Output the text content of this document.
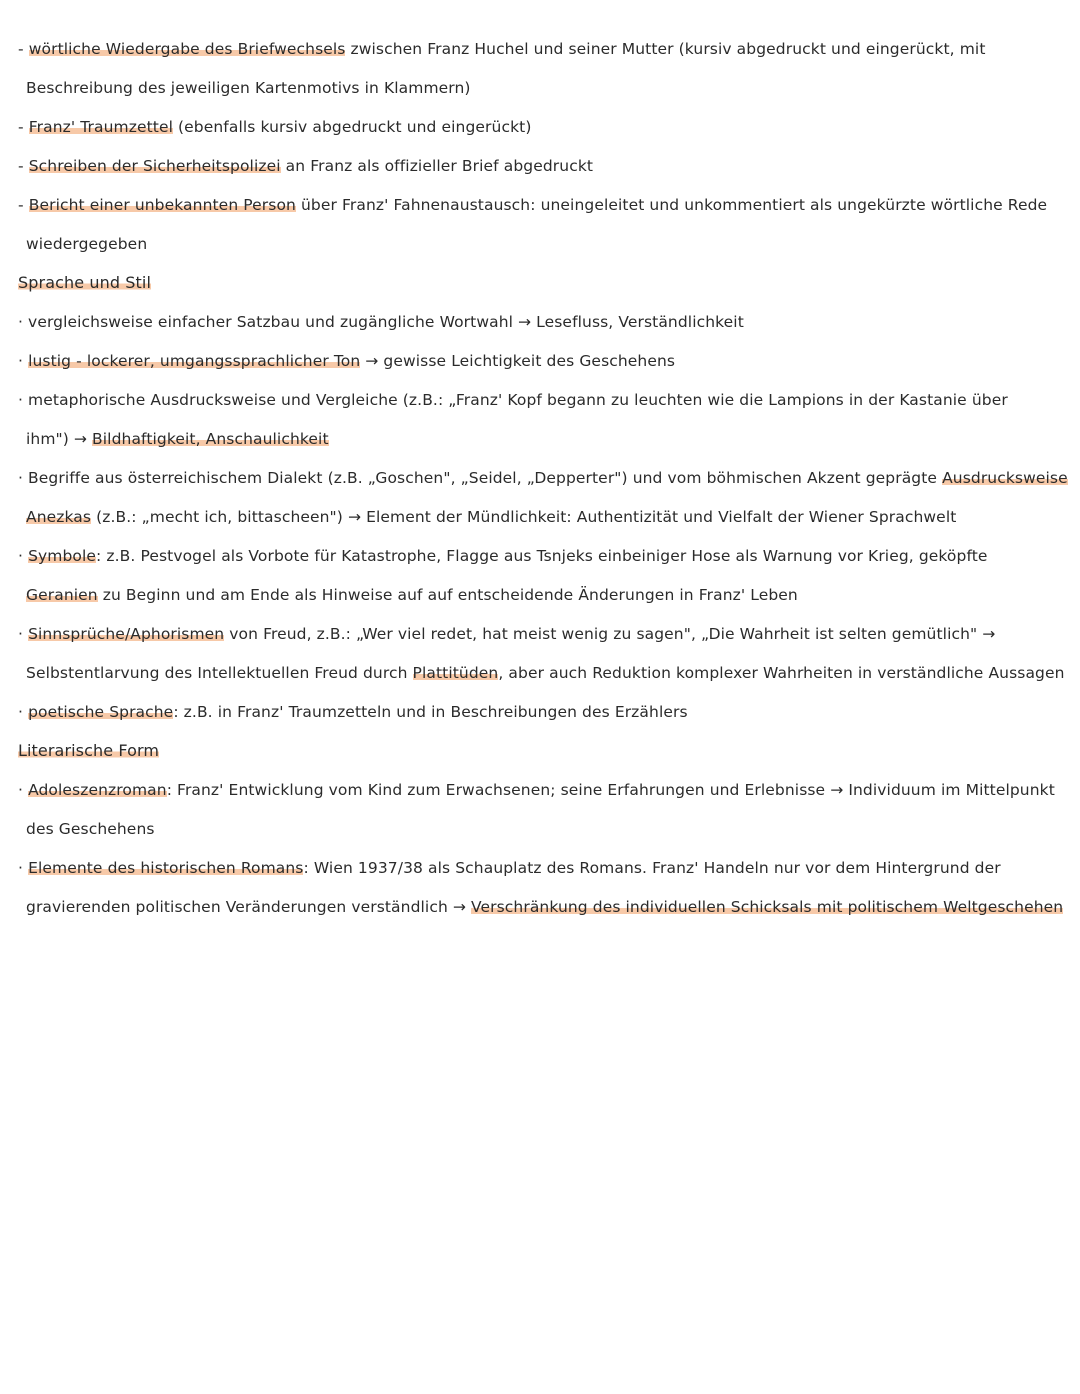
- wörtliche Wiedergabe des Briefwechsels zwischen Franz Huchel und seiner Mutter (kursiv abgedruckt und eingerückt, mit
Beschreibung des jeweiligen Kartenmotivs in Klammern)
- Franz' Traumzettel (ebenfalls kursiv abgedruckt und eingerückt)
- Schreiben der Sicherheitspolizei an Franz als offizieller Brief abgedruckt
- Bericht einer unbekannten Person über Franz' Fahnenaustausch: uneingeleitet und unkommentiert als ungekürzte wörtliche Rede
wiedergegeben
Sprache und Stil
· vergleichsweise einfacher Satzbau und zugängliche Wortwahl → Lesefluss, Verständlichkeit
· lustig - lockerer, umgangssprachlicher Ton → gewisse Leichtigkeit des Geschehens
· metaphorische Ausdrucksweise und Vergleiche (z.B.: „Franz' Kopf begann zu leuchten wie die Lampions in der Kastanie über
ihm") → Bildhaftigkeit, Anschaulichkeit
· Begriffe aus österreichischem Dialekt (z.B. „Goschen", „Seidel, „Depperter") und vom böhmischen Akzent geprägte Ausdrucksweise
Anezkas (z.B.: „mecht ich, bittascheen") → Element der Mündlichkeit: Authentizität und Vielfalt der Wiener Sprachwelt
· Symbole: z.B. Pestvogel als Vorbote für Katastrophe, Flagge aus Tsnjeks einbeiniger Hose als Warnung vor Krieg, geköpfte
Geranien zu Beginn und am Ende als Hinweise auf auf entscheidende Änderungen in Franz' Leben
· Sinnsprüche/Aphorismen von Freud, z.B.: „Wer viel redet, hat meist wenig zu sagen", „Die Wahrheit ist selten gemütlich" →
Selbstentlarvung des Intellektuellen Freud durch Plattitüden, aber auch Reduktion komplexer Wahrheiten in verständliche Aussagen
· poetische Sprache: z.B. in Franz' Traumzetteln und in Beschreibungen des Erzählers
Literarische Form
· Adoleszenzroman: Franz' Entwicklung vom Kind zum Erwachsenen; seine Erfahrungen und Erlebnisse → Individuum im Mittelpunkt
des Geschehens
· Elemente des historischen Romans: Wien 1937/38 als Schauplatz des Romans. Franz' Handeln nur vor dem Hintergrund der
gravierenden politischen Veränderungen verständlich → Verschränkung des individuellen Schicksals mit politischem Weltgeschehen
